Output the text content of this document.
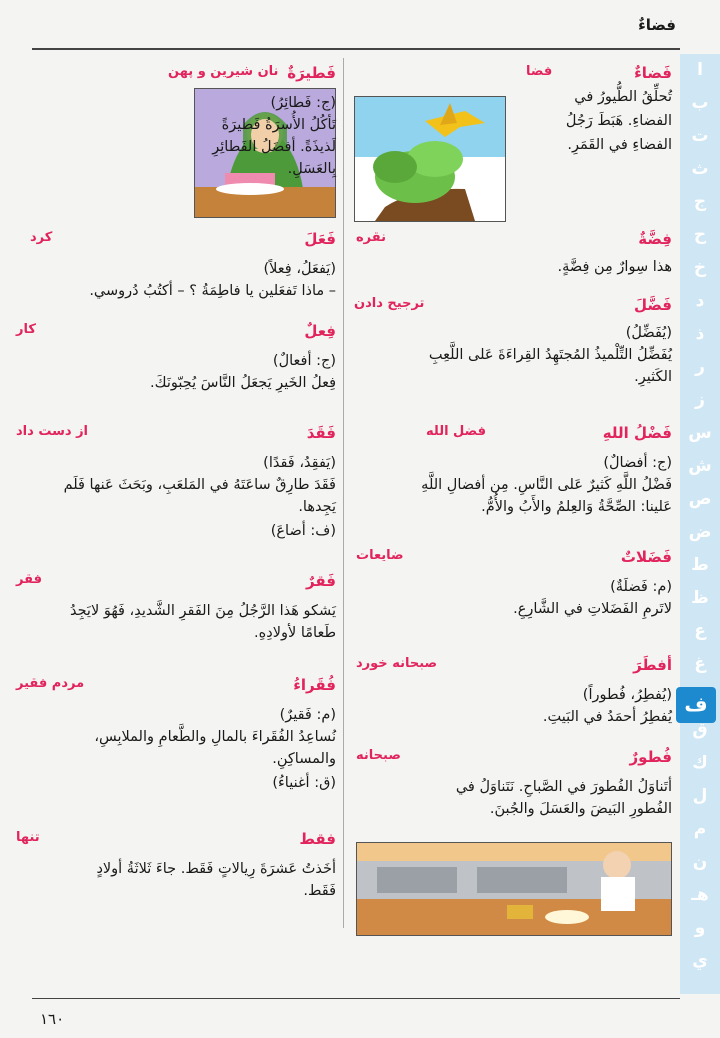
فضاءٌ
ا
ب
ت
ث
ج
ح
خ
د
ذ
ر
ز
س
ش
ص
ض
ط
ظ
ع
غ
ف
ق
ك
ل
م
ن
هـ
و
ي
فَضاءٌ
فضا
تُحلِّقُ الطُّيورُ في
الفضاءِ. هَبَطَ رَجُلُ
الفضاءِ في القَمَرِ.
فِضَّةٌ
نقره
هذا سِوارٌ مِن فِضَّةٍ.
فَضَّلَ
ترجيح دادن
(يُفَضِّلُ)
يُفَضِّلُ التِّلْميذُ المُجتَهِدُ القِراءَةَ عَلى اللَّعِبِ
الكَثيرِ.
فَضْلُ اللهِ
فضل الله
(ج: أفضالٌ)
فَضْلُ اللَّهِ كَثيرٌ عَلى النَّاسِ. مِن أفضالِ اللَّهِ
عَلينا: الصِّحَّةُ وَالعِلمُ والأَبُ والأُمُّ.
فَضَلاتٌ
ضايعات
(م: فَضلَةٌ)
لاتَرمِ الفَضَلاتِ في الشَّارِعِ.
أفطَرَ
صبحانه خورد
(يُفطِرُ، فُطوراً)
يُفطِرُ أحمَدُ في البَيتِ.
فُطورٌ
صبحانه
أتَناوَلُ الفُطورَ في الصَّباحِ. نَتَناوَلُ في
الفُطورِ البَيضَ والعَسَلَ والجُبنَ.
فَطيرَةٌ
نان شيرين و پهن
(ج: فَطائِرُ)
تَأكُلُ الأُسرَةُ فَطيرَةً
لَذيذَةً. أفضَلُ الفَطائِرِ
بِالعَسَلِ.
فَعَلَ
كرد
(يَفعَلُ، فِعلاً)
– ماذا تَفعَلين يا فاطِمَةُ ؟ – أكتُبُ دُروسي.
فِعلٌ
كار
(ج: أفعالٌ)
فِعلُ الخَيرِ يَجعَلُ النَّاسَ يُحِبّونَكَ.
فَقَدَ
از دست داد
(يَفقِدُ، فَقدًا)
فَقَدَ طارِقٌ ساعَتَهُ في المَلعَبِ، وبَحَثَ عَنها فَلَم
يَجِدها.
(ف: أضاعَ)
فَقرٌ
فقر
يَشكو هَذا الرَّجُلُ مِنَ الفَقرِ الشَّديدِ، فَهُوَ لايَجِدُ
طَعامًا لأولادِهِ.
فُقَراءُ
مردم فقير
(م: فَقيرٌ)
نُساعِدُ الفُقَراءَ بالمالِ والطَّعامِ والملابِسِ،
والمساكِنِ.
(ق: أغنياءُ)
فقط
تنها
أخَذتُ عَشرَةَ رِيالاتٍ فَقَط. جاءَ ثَلاثَةُ أولادٍ
فَقَط.
١٦٠
